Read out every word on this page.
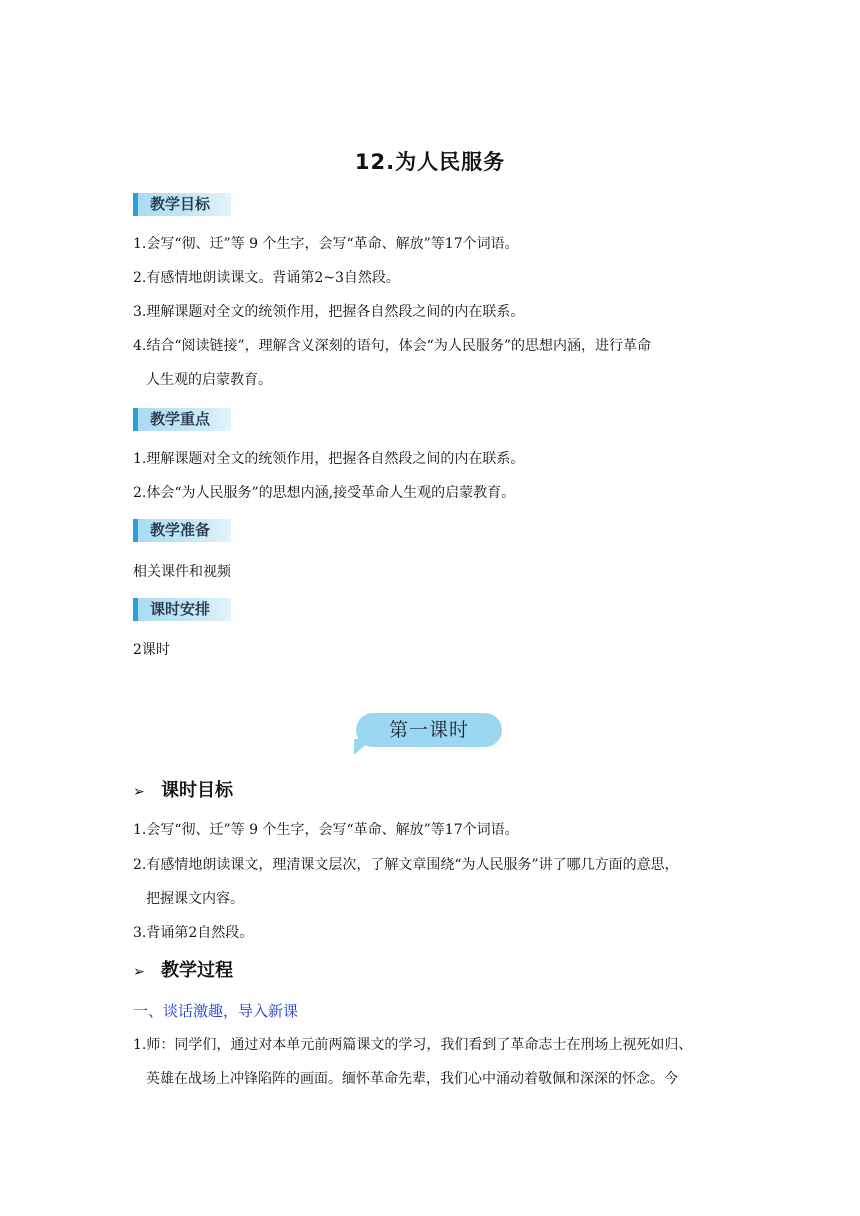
12.为人民服务
教学目标
1.会写“彻、迁”等 9 个生字，会写“革命、解放”等17个词语。
2.有感情地朗读课文。背诵第2~3自然段。
3.理解课题对全文的统领作用，把握各自然段之间的内在联系。
4.结合“阅读链接”，理解含义深刻的语句，体会“为人民服务”的思想内涵，进行革命
人生观的启蒙教育。
教学重点
1.理解课题对全文的统领作用，把握各自然段之间的内在联系。
2.体会“为人民服务”的思想内涵,接受革命人生观的启蒙教育。
教学准备
相关课件和视频
课时安排
2课时
第一课时
➢ 课时目标
1.会写“彻、迁”等 9 个生字，会写“革命、解放”等17个词语。
2.有感情地朗读课文，理清课文层次，了解文章围绕“为人民服务”讲了哪几方面的意思，
把握课文内容。
3.背诵第2自然段。
➢ 教学过程
一、谈话激趣，导入新课
1.师：同学们，通过对本单元前两篇课文的学习，我们看到了革命志士在刑场上视死如归、
英雄在战场上冲锋陷阵的画面。缅怀革命先辈，我们心中涌动着敬佩和深深的怀念。今
